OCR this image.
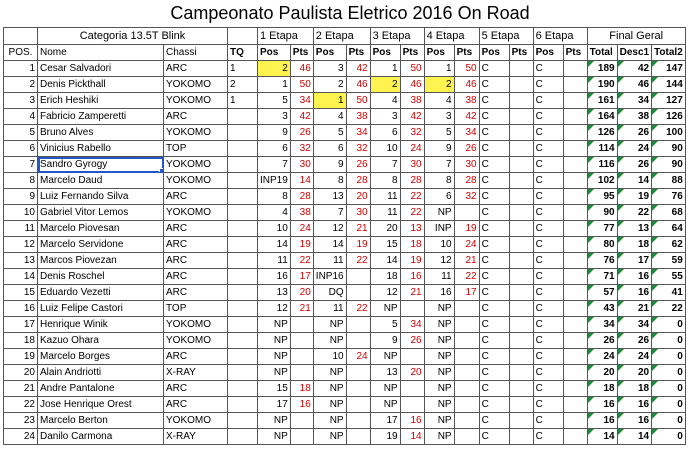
Campeonato Paulista Eletrico 2016 On Road
	Categoria 13.5T Blink			1 Etapa		2 Etapa		3 Etapa		4 Etapa		5 Etapa		6 Etapa		Final Geral		
POS.	Nome	Chassi	TQ	Pos	Pts	Pos	Pts	Pos	Pts	Pos	Pts	Pos	Pts	Pos	Pts	Total	Desc1	Total2
1	Cesar Salvadori	ARC	1	2	46	3	42	1	50	1	50	C		C		189	42	147
2	Denis Pickthall	YOKOMO	2	1	50	2	46	2	46	2	46	C		C		190	46	144
3	Erich Heshiki	YOKOMO	1	5	34	1	50	4	38	4	38	C		C		161	34	127
4	Fabricio Zamperetti	ARC		3	42	4	38	3	42	3	42	C		C		164	38	126
5	Bruno Alves	YOKOMO		9	26	5	34	6	32	5	34	C		C		126	26	100
6	Vinicius Rabello	TOP		6	32	6	32	10	24	9	26	C		C		114	24	90
7	Sandro Gyrogy	YOKOMO		7	30	9	26	7	30	7	30	C		C		116	26	90
8	Marcelo Daud	YOKOMO		INP19	14	8	28	8	28	8	28	C		C		102	14	88
9	Luiz Fernando Silva	ARC		8	28	13	20	11	22	6	32	C		C		95	19	76
10	Gabriel Vitor Lemos	YOKOMO		4	38	7	30	11	22	NP		C		C		90	22	68
11	Marcelo Piovesan	ARC		10	24	12	21	20	13	INP	19	C		C		77	13	64
12	Marcelo Servidone	ARC		14	19	14	19	15	18	10	24	C		C		80	18	62
13	Marcos Piovezan	ARC		11	22	11	22	14	19	12	21	C		C		76	17	59
14	Denis Roschel	ARC		16	17	INP16		18	16	11	22	C		C		71	16	55
15	Eduardo Vezetti	ARC		13	20	DQ		12	21	16	17	C		C		57	16	41
16	Luiz Felipe Castori	TOP		12	21	11	22	NP		NP		C		C		43	21	22
17	Henrique Winik	YOKOMO		NP		NP		5	34	NP		C		C		34	34	0
18	Kazuo Ohara	YOKOMO		NP		NP		9	26	NP		C		C		26	26	0
19	Marcelo Borges	ARC		NP		10	24	NP		NP		C		C		24	24	0
20	Alain Andriotti	X-RAY		NP		NP		13	20	NP		C		C		20	20	0
21	Andre Pantalone	ARC		15	18	NP		NP		NP		C		C		18	18	0
22	Jose Henrique Orest	ARC		17	16	NP		NP		NP		C		C		16	16	0
23	Marcelo Berton	YOKOMO		NP		NP		17	16	NP		C		C		16	16	0
24	Danilo Carmona	X-RAY		NP		NP		19	14	NP		C		C		14	14	0
